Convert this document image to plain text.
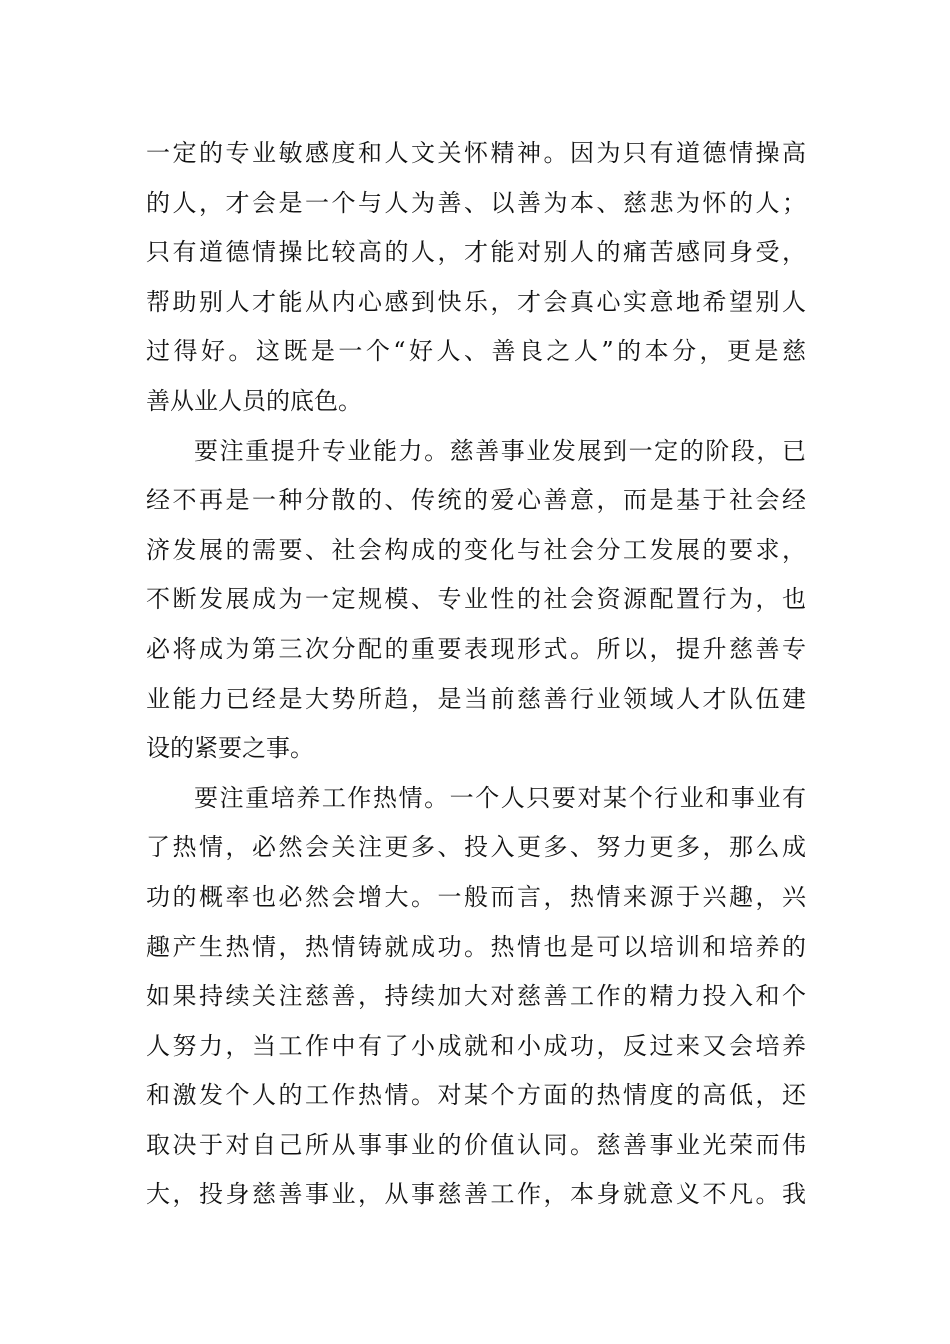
一定的专业敏感度和人文关怀精神。因为只有道德情操高
的人，才会是一个与人为善、以善为本、慈悲为怀的人；
只有道德情操比较高的人，才能对别人的痛苦感同身受，
帮助别人才能从内心感到快乐，才会真心实意地希望别人
过得好。这既是一个“好人、善良之人”的本分，更是慈
善从业人员的底色。
要注重提升专业能力。慈善事业发展到一定的阶段，已
经不再是一种分散的、传统的爱心善意，而是基于社会经
济发展的需要、社会构成的变化与社会分工发展的要求，
不断发展成为一定规模、专业性的社会资源配置行为，也
必将成为第三次分配的重要表现形式。所以，提升慈善专
业能力已经是大势所趋，是当前慈善行业领域人才队伍建
设的紧要之事。
要注重培养工作热情。一个人只要对某个行业和事业有
了热情，必然会关注更多、投入更多、努力更多，那么成
功的概率也必然会增大。一般而言，热情来源于兴趣，兴
趣产生热情，热情铸就成功。热情也是可以培训和培养的
如果持续关注慈善，持续加大对慈善工作的精力投入和个
人努力，当工作中有了小成就和小成功，反过来又会培养
和激发个人的工作热情。对某个方面的热情度的高低，还
取决于对自己所从事事业的价值认同。慈善事业光荣而伟
大，投身慈善事业，从事慈善工作，本身就意义不凡。我
